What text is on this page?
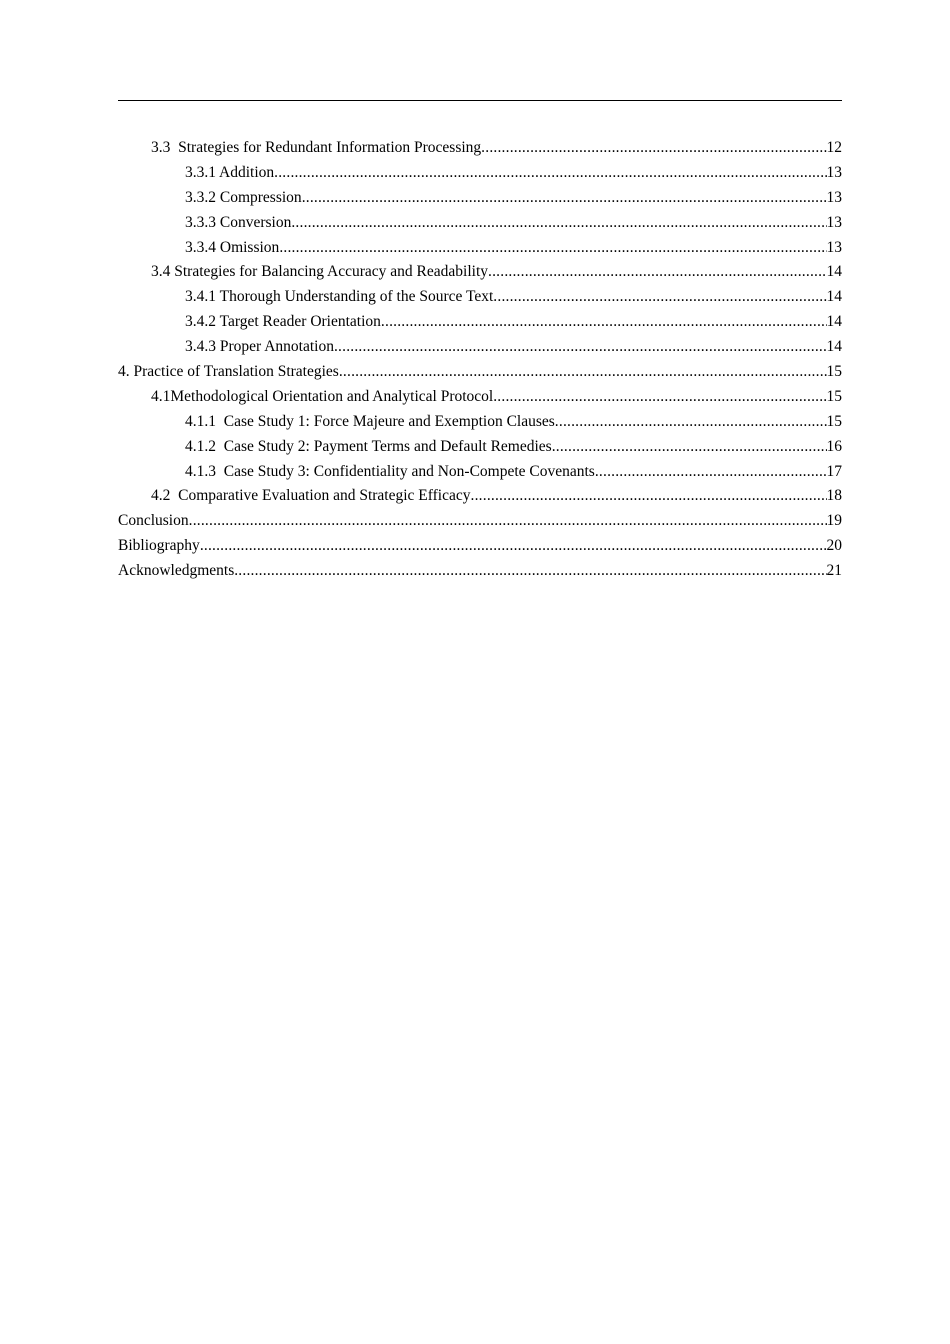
3.3  Strategies for Redundant Information Processing .....	12
3.3.1 Addition .....	13
3.3.2 Compression .....	13
3.3.3 Conversion .....	13
3.3.4 Omission .....	13
3.4 Strategies for Balancing Accuracy and Readability .....	14
3.4.1 Thorough Understanding of the Source Text .....	14
3.4.2 Target Reader Orientation .....	14
3.4.3 Proper Annotation .....	14
4. Practice of Translation Strategies .....	15
4.1Methodological Orientation and Analytical Protocol .....	15
4.1.1  Case Study 1: Force Majeure and Exemption Clauses .....	15
4.1.2  Case Study 2: Payment Terms and Default Remedies .....	16
4.1.3  Case Study 3: Confidentiality and Non-Compete Covenants .....	17
4.2  Comparative Evaluation and Strategic Efficacy .....	18
Conclusion .....	19
Bibliography .....	20
Acknowledgments .....	21
